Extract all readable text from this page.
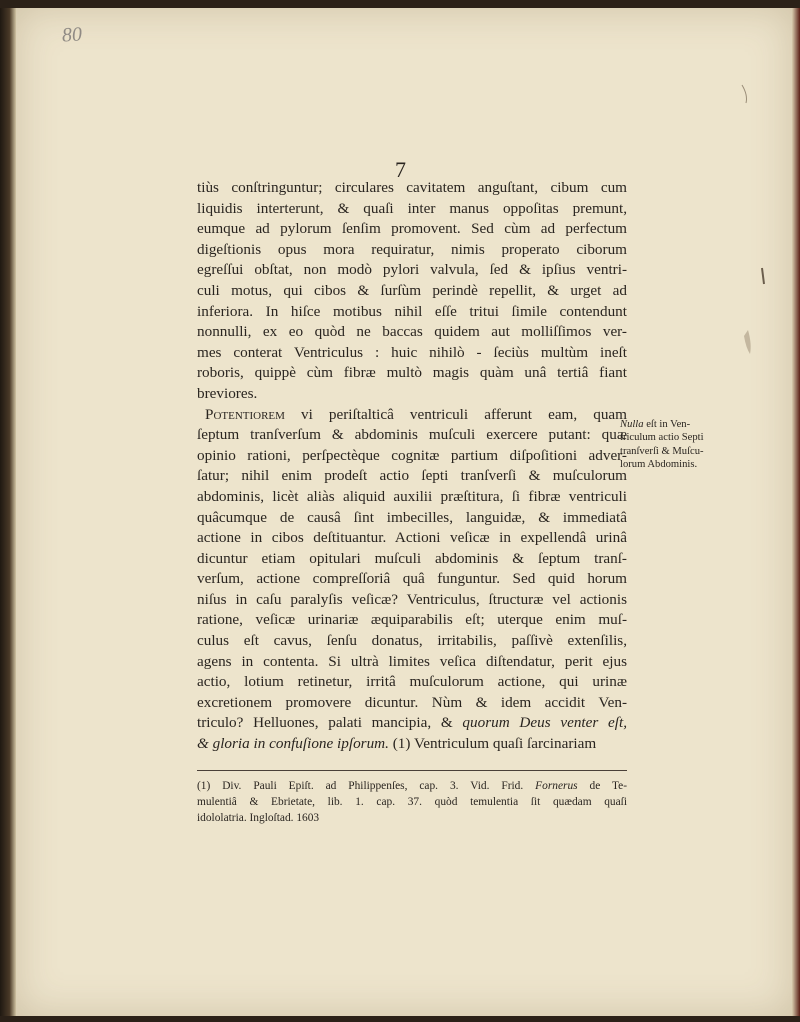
80
7

tiùs conſtringuntur; circulares cavitatem anguſtant, cibum cum

liquidis interterunt, & quaſi inter manus oppoſitas premunt,

eumque ad pylorum ſenſim promovent. Sed cùm ad perfectum

digeſtionis opus mora requiratur, nimis properato ciborum

egreſſui obſtat, non modò pylori valvula, ſed & ipſius ventri-

culi motus, qui cibos & ſurſùm perindè repellit, & urget ad

inferiora. In hiſce motibus nihil eſſe tritui ſimile contendunt

nonnulli, ex eo quòd ne baccas quidem aut molliſſimos ver-

mes conterat Ventriculus : huic nihilò - ſeciùs multùm ineſt

roboris, quippè cùm fibræ multò magis quàm unâ tertiâ fiant

breviores.

Potentiorem vi periſtalticâ ventriculi afferunt eam, quam

ſeptum tranſverſum & abdominis muſculi exercere putant: quæ

opinio rationi, perſpectèque cognitæ partium diſpoſitioni adver-

ſatur; nihil enim prodeſt actio ſepti tranſverſi & muſculorum

abdominis, licèt aliàs aliquid auxilii præſtitura, ſi fibræ ventriculi

quâcumque de causâ ſint imbecilles, languidæ, & immediatâ

actione in cibos deſtituantur. Actioni veſicæ in expellendâ urinâ

dicuntur etiam opitulari muſculi abdominis & ſeptum tranſ-

verſum, actione compreſſoriâ quâ funguntur. Sed quid horum

niſus in caſu paralyſis veſicæ? Ventriculus, ſtructuræ vel actionis

ratione, veſicæ urinariæ æquiparabilis eſt; uterque enim muſ-

culus eſt cavus, ſenſu donatus, irritabilis, paſſivè extenſilis,

agens in contenta. Si ultrà limites veſica diſtendatur, perit ejus

actio, lotium retinetur, irritâ muſculorum actione, qui urinæ

excretionem promovere dicuntur. Nùm & idem accidit Ven-

triculo? Helluones, palati mancipia, & quorum Deus venter eſt,

& gloria in confuſione ipſorum. (1) Ventriculum quaſi ſarcinariam

Nulla eſt in Ven-
triculum actio Septi
tranſverſi & Muſcu-
lorum Abdominis.

(1) Div. Pauli Epiſt. ad Philippenſes, cap. 3. Vid. Frid. Fornerus de Te-

mulentiâ & Ebrietate, lib. 1. cap. 37. quòd temulentia ſit quædam quaſi

idololatria. Ingloſtad. 1603
